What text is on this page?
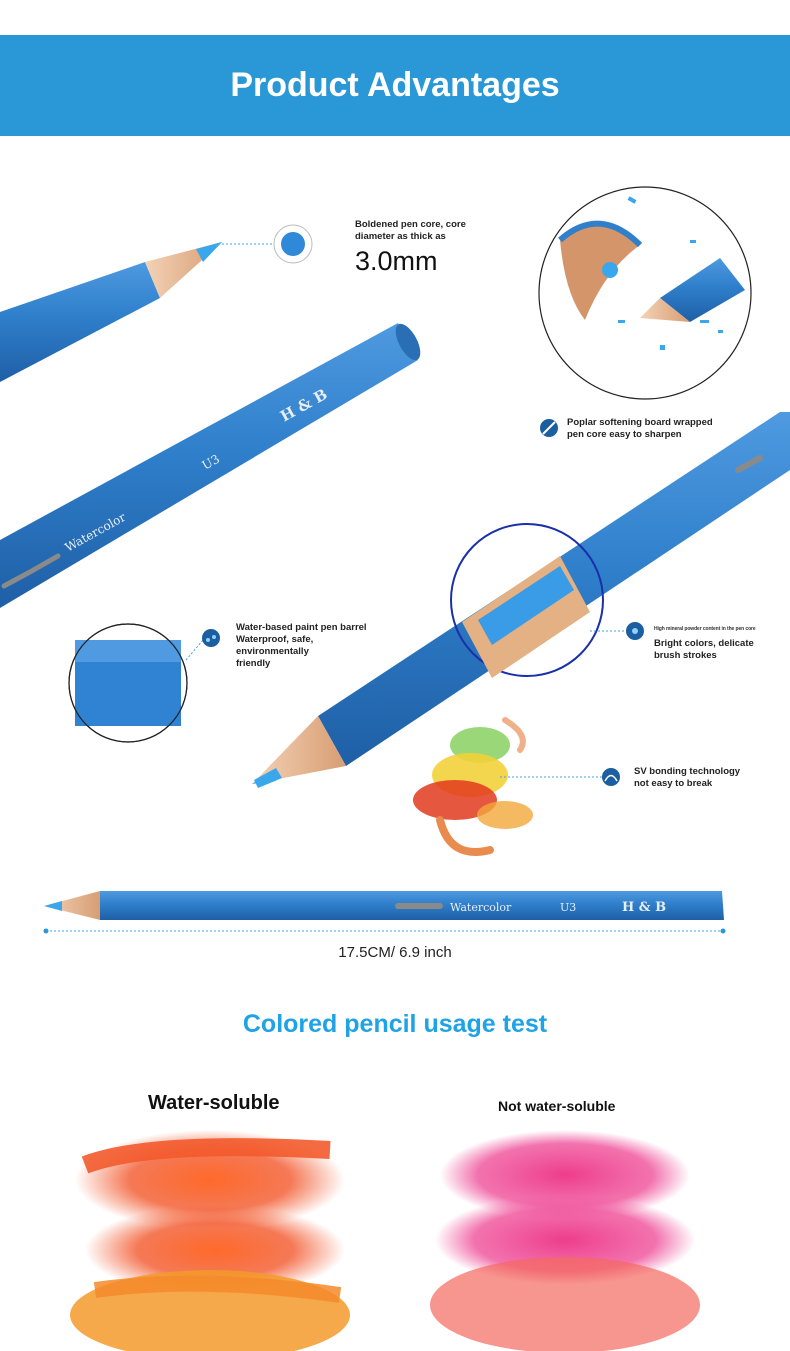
Product Advantages
Watercolor
U3
H & B
Watercolor	U3	H & B
Boldened pen core, core
diameter as thick as
3.0mm
Poplar softening board wrapped
pen core easy to sharpen
Water-based paint pen barrel
Waterproof, safe,
environmentally
friendly
High mineral powder content in the pen core
Bright colors, delicate
brush strokes
SV bonding technology
not easy to break
17.5CM/ 6.9 inch
Colored pencil usage test
Water-soluble	Not water-soluble
